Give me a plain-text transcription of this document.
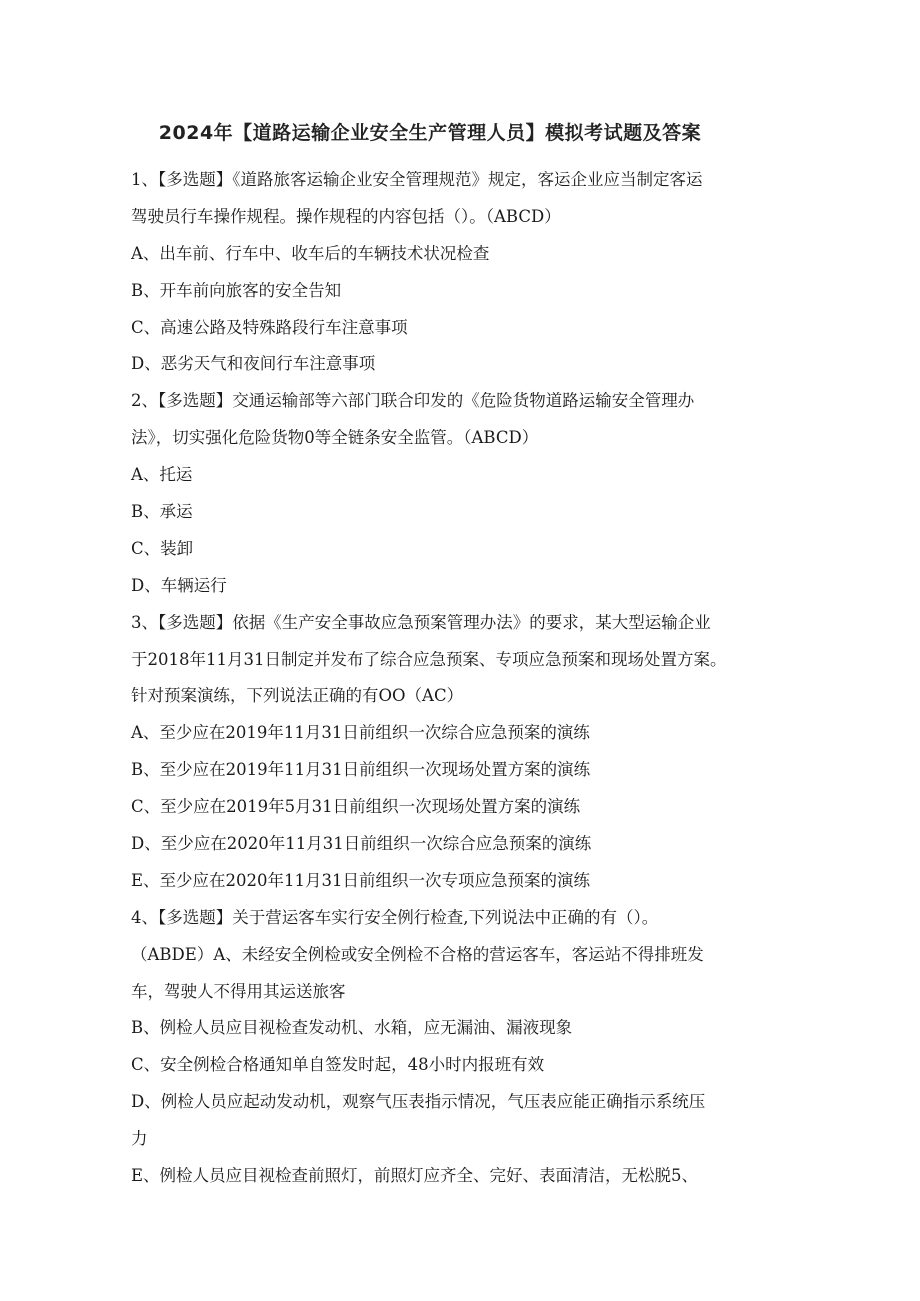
2024年【道路运输企业安全生产管理人员】模拟考试题及答案
1、【多选题】《道路旅客运输企业安全管理规范》规定，客运企业应当制定客运
驾驶员行车操作规程。操作规程的内容包括（）。（ABCD）
A、出车前、行车中、收车后的车辆技术状况检查
B、开车前向旅客的安全告知
C、高速公路及特殊路段行车注意事项
D、恶劣天气和夜间行车注意事项
2、【多选题】交通运输部等六部门联合印发的《危险货物道路运输安全管理办
法》，切实强化危险货物0等全链条安全监管。（ABCD）
A、托运
B、承运
C、装卸
D、车辆运行
3、【多选题】依据《生产安全事故应急预案管理办法》的要求，某大型运输企业
于2018年11月31日制定并发布了综合应急预案、专项应急预案和现场处置方案。
针对预案演练，下列说法正确的有OO（AC）
A、至少应在2019年11月31日前组织一次综合应急预案的演练
B、至少应在2019年11月31日前组织一次现场处置方案的演练
C、至少应在2019年5月31日前组织一次现场处置方案的演练
D、至少应在2020年11月31日前组织一次综合应急预案的演练
E、至少应在2020年11月31日前组织一次专项应急预案的演练
4、【多选题】关于营运客车实行安全例行检查,下列说法中正确的有（）。
（ABDE）A、未经安全例检或安全例检不合格的营运客车，客运站不得排班发
车，驾驶人不得用其运送旅客
B、例检人员应目视检查发动机、水箱，应无漏油、漏液现象
C、安全例检合格通知单自签发时起，48小时内报班有效
D、例检人员应起动发动机，观察气压表指示情况，气压表应能正确指示系统压
力
E、例检人员应目视检查前照灯，前照灯应齐全、完好、表面清洁，无松脱5、
